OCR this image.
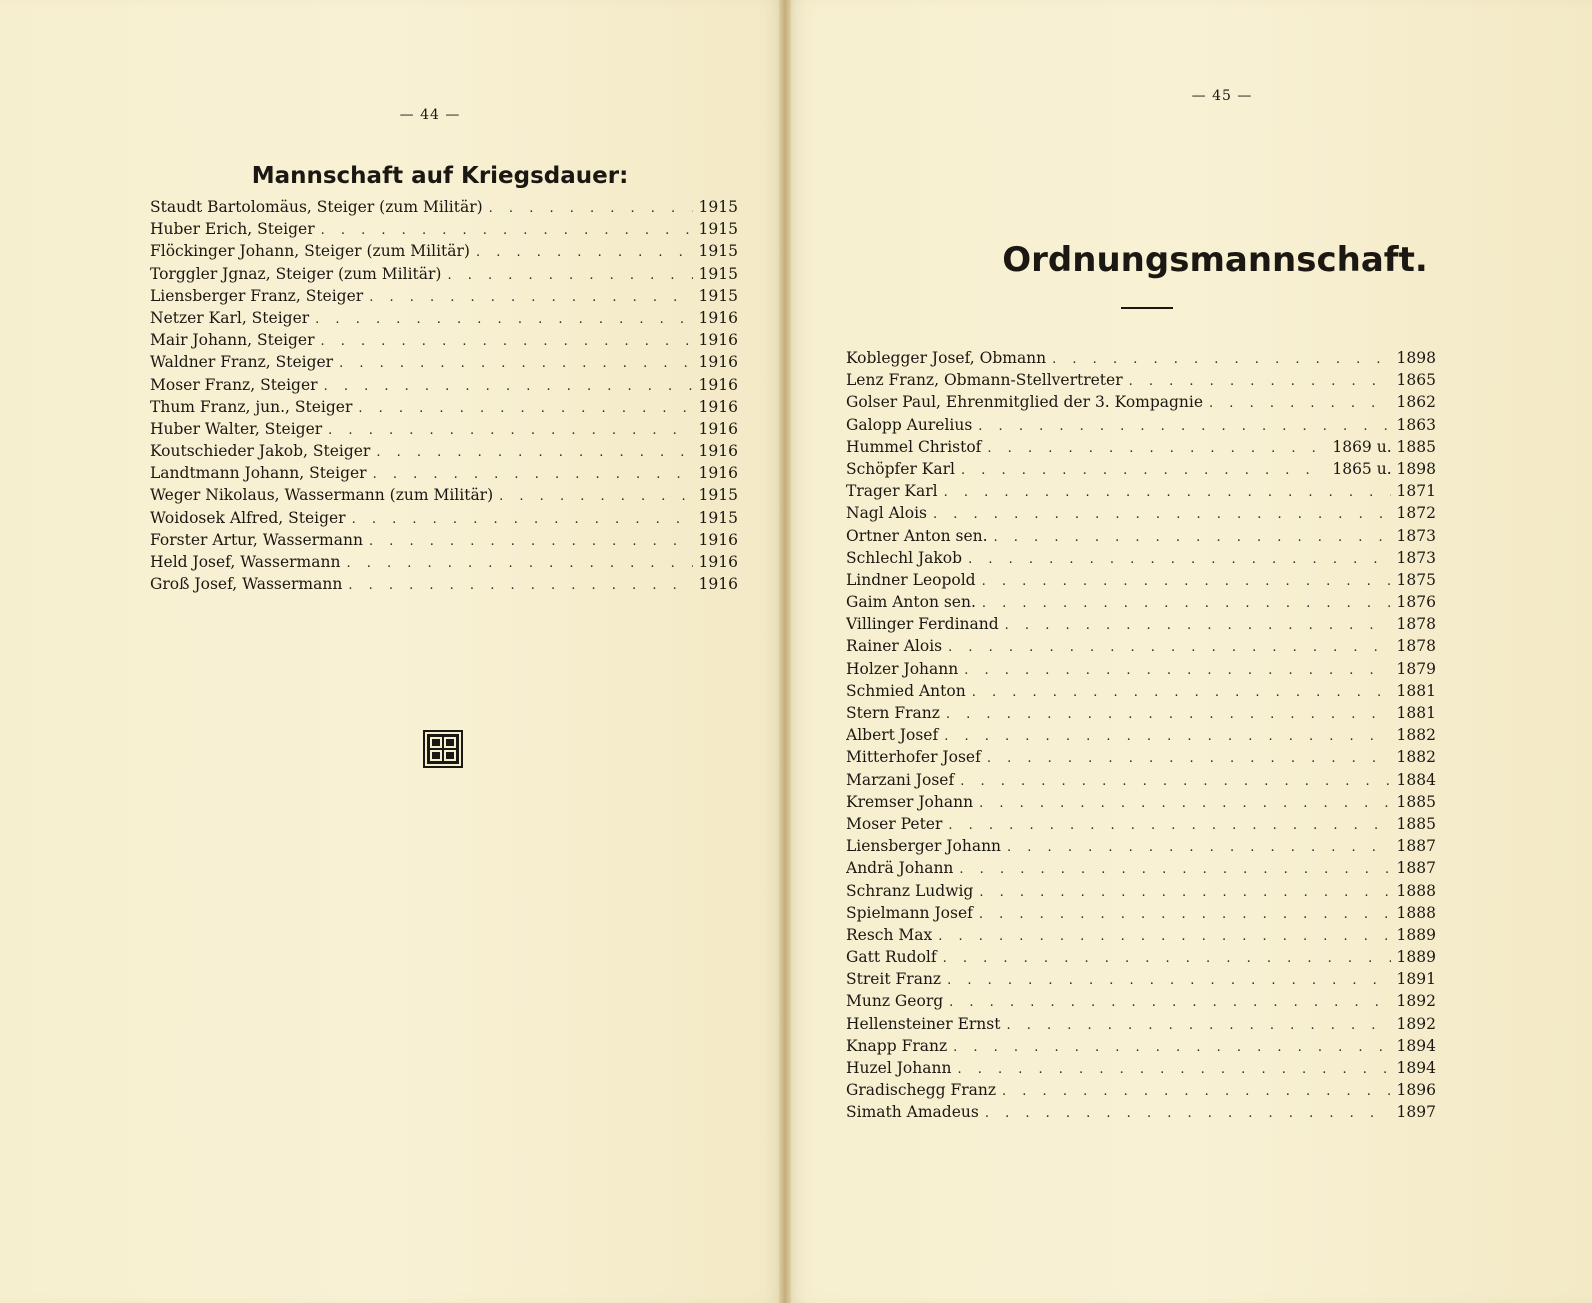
— 44 —
Mannschaft auf Kriegsdauer:
Staudt Bartolomäus, Steiger (zum Militär) . . .	1915
Huber Erich, Steiger . . .	1915
Flöckinger Johann, Steiger (zum Militär) . . .	1915
Torggler Jgnaz, Steiger (zum Militär) . . .	1915
Liensberger Franz, Steiger . . .	1915
Netzer Karl, Steiger . . .	1916
Mair Johann, Steiger . . .	1916
Waldner Franz, Steiger . . .	1916
Moser Franz, Steiger . . .	1916
Thum Franz, jun., Steiger . . .	1916
Huber Walter, Steiger . . .	1916
Koutschieder Jakob, Steiger . . .	1916
Landtmann Johann, Steiger . . .	1916
Weger Nikolaus, Wassermann (zum Militär) . . .	1915
Woidosek Alfred, Steiger . . .	1915
Forster Artur, Wassermann . . .	1916
Held Josef, Wassermann . . .	1916
Groß Josef, Wassermann . . .	1916
— 45 —
Ordnungsmannschaft.
Koblegger Josef, Obmann . . .	1898
Lenz Franz, Obmann-Stellvertreter . . .	1865
Golser Paul, Ehrenmitglied der 3. Kompagnie . . .	1862
Galopp Aurelius . . .	1863
Hummel Christof . . .	1869 u. 1885
Schöpfer Karl . . .	1865 u. 1898
Trager Karl . . .	1871
Nagl Alois . . .	1872
Ortner Anton sen. . . .	1873
Schlechl Jakob . . .	1873
Lindner Leopold . . .	1875
Gaim Anton sen. . . .	1876
Villinger Ferdinand . . .	1878
Rainer Alois . . .	1878
Holzer Johann . . .	1879
Schmied Anton . . .	1881
Stern Franz . . .	1881
Albert Josef . . .	1882
Mitterhofer Josef . . .	1882
Marzani Josef . . .	1884
Kremser Johann . . .	1885
Moser Peter . . .	1885
Liensberger Johann . . .	1887
Andrä Johann . . .	1887
Schranz Ludwig . . .	1888
Spielmann Josef . . .	1888
Resch Max . . .	1889
Gatt Rudolf . . .	1889
Streit Franz . . .	1891
Munz Georg . . .	1892
Hellensteiner Ernst . . .	1892
Knapp Franz . . .	1894
Huzel Johann . . .	1894
Gradischegg Franz . . .	1896
Simath Amadeus . . .	1897
